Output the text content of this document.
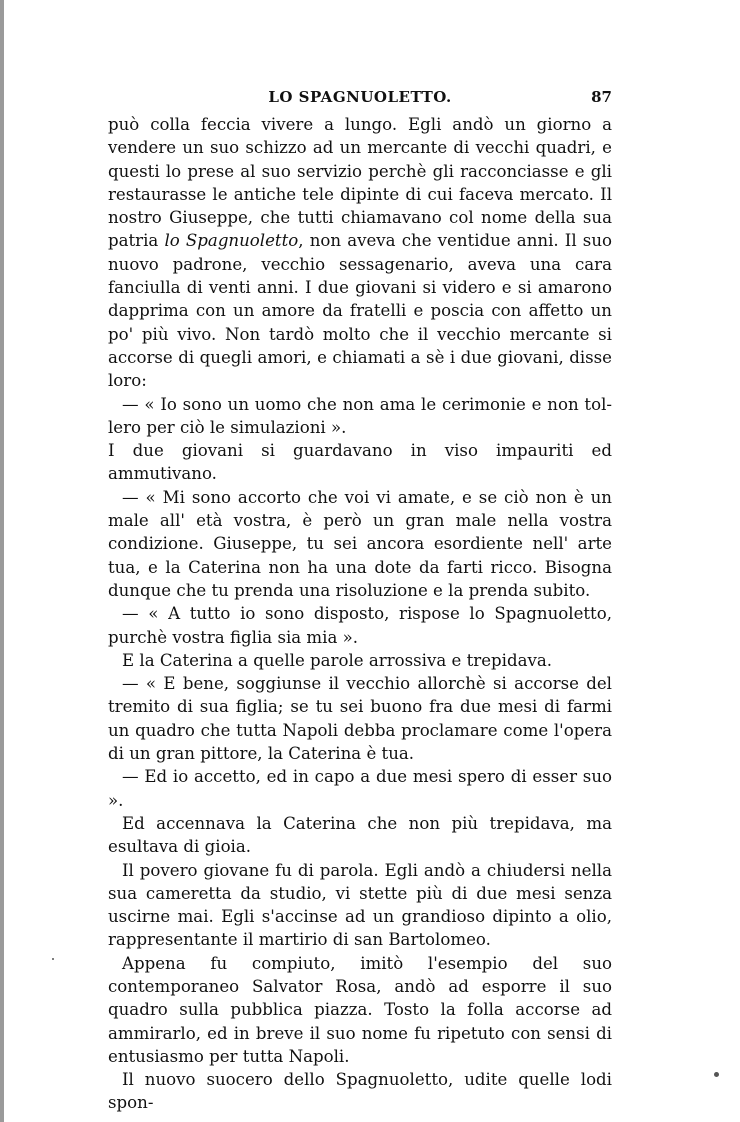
LO SPAGNUOLETTO.	87

può colla feccia vivere a lungo. Egli andò un giorno a vendere un suo schizzo ad un mercante di vecchi quadri, e questi lo prese al suo servizio perchè gli racconciasse e gli restaurasse le antiche tele dipinte di cui faceva mercato. Il nostro Giuseppe, che tutti chiamavano col nome della sua patria lo Spagnuoletto, non aveva che ventidue anni. Il suo nuovo padrone, vecchio sessagenario, aveva una cara fanciulla di venti anni. I due giovani si videro e si amarono dapprima con un amore da fratelli e poscia con affetto un po' più vivo. Non tardò molto che il vecchio mercante si accorse di quegli amori, e chiamati a sè i due giovani, disse loro:

— « Io sono un uomo che non ama le cerimonie e non tollero per ciò le simulazioni ».

I due giovani si guardavano in viso impauriti ed ammutivano.

— « Mi sono accorto che voi vi amate, e se ciò non è un male all' età vostra, è però un gran male nella vostra condizione. Giuseppe, tu sei ancora esordiente nell' arte tua, e la Caterina non ha una dote da farti ricco. Bisogna dunque che tu prenda una risoluzione e la prenda subito.

— « A tutto io sono disposto, rispose lo Spagnuoletto, purchè vostra figlia sia mia ».

E la Caterina a quelle parole arrossiva e trepidava.

— « E bene, soggiunse il vecchio allorchè si accorse del tremito di sua figlia; se tu sei buono fra due mesi di farmi un quadro che tutta Napoli debba proclamare come l'opera di un gran pittore, la Caterina è tua.

— Ed io accetto, ed in capo a due mesi spero di esser suo ».

Ed accennava la Caterina che non più trepidava, ma esultava di gioia.

Il povero giovane fu di parola. Egli andò a chiudersi nella sua cameretta da studio, vi stette più di due mesi senza uscirne mai. Egli s'accinse ad un grandioso dipinto a olio, rappresentante il martirio di san Bartolomeo.

Appena fu compiuto, imitò l'esempio del suo contemporaneo Salvator Rosa, andò ad esporre il suo quadro sulla pubblica piazza. Tosto la folla accorse ad ammirarlo, ed in breve il suo nome fu ripetuto con sensi di entusiasmo per tutta Napoli.

Il nuovo suocero dello Spagnuoletto, udite quelle lodi spon-
